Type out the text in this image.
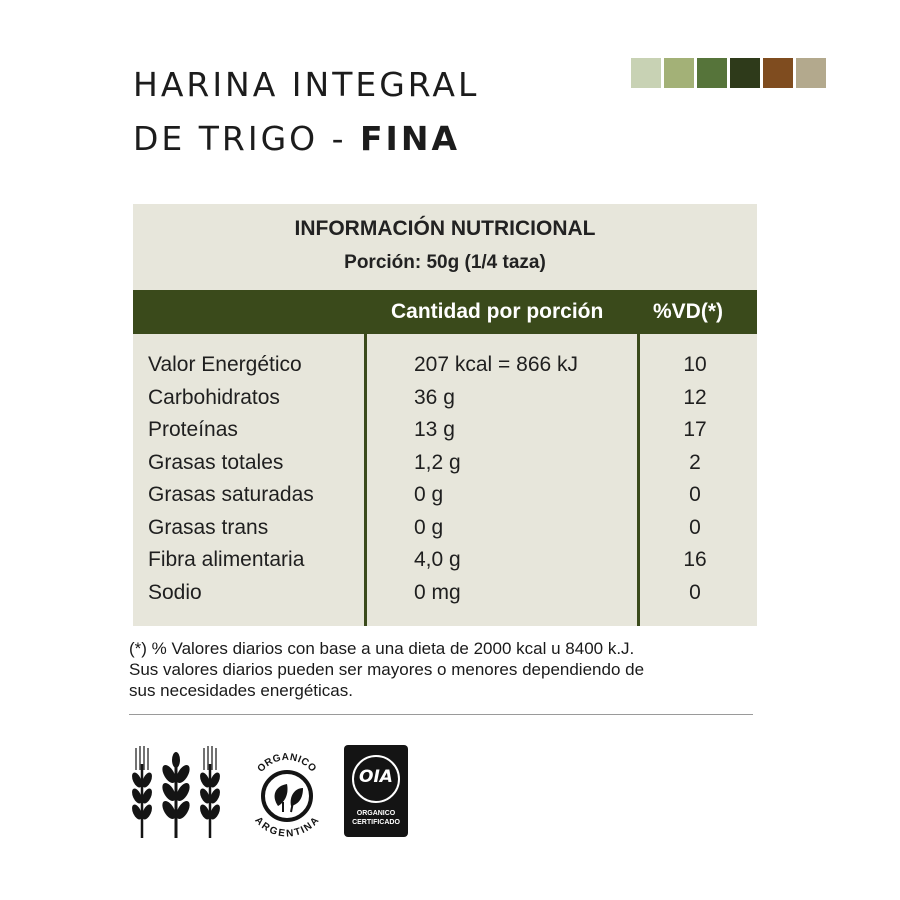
HARINA INTEGRAL
DE TRIGO - FINA
INFORMACIÓN NUTRICIONAL
Porción: 50g (1/4 taza)
Cantidad por porción %VD(*)
Valor Energético	207 kcal = 866 kJ	10
Carbohidratos	36 g	12
Proteínas	13 g	17
Grasas totales	1,2 g	2
Grasas saturadas	0 g	0
Grasas trans	0 g	0
Fibra alimentaria	4,0 g	16
Sodio	0 mg	0

(*) % Valores diarios con base a una dieta de 2000 kcal u 8400 k.J.
Sus valores diarios pueden ser mayores o menores dependiendo de
sus necesidades energéticas.

ORGANICO
ARGENTINA
OIA
ORGANICO
CERTIFICADO
